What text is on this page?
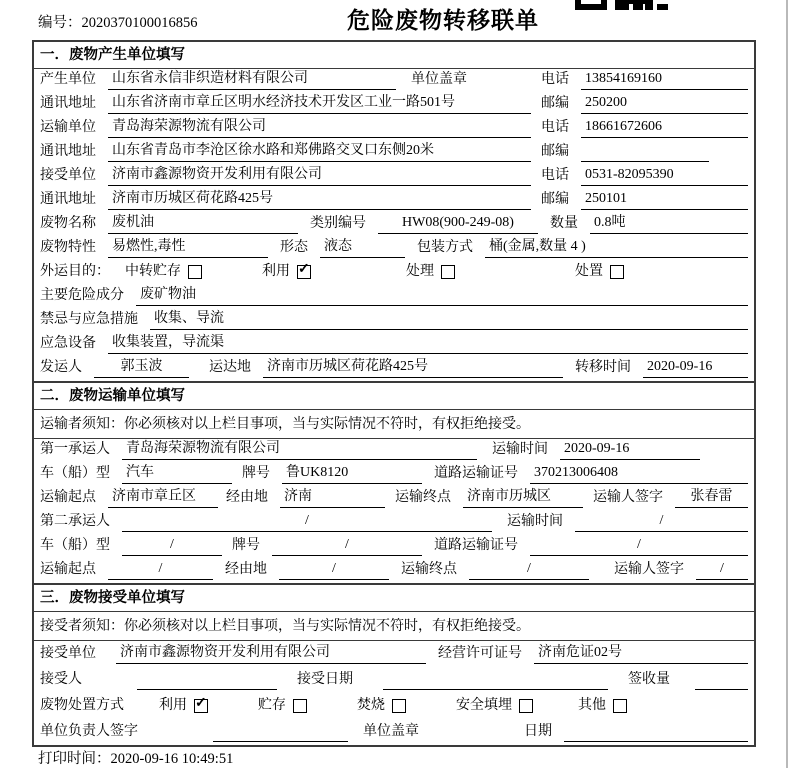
编号：2020370100016856	危险废物转移联单
一．废物产生单位填写
产生单位 山东省永信非织造材料有限公司	单位盖章	电话 13854169160
通讯地址 山东省济南市章丘区明水经济技术开发区工业一路501号	邮编 250200
运输单位 青岛海荣源物流有限公司	电话 18661672606
通讯地址 山东省青岛市李沧区徐水路和郑佛路交叉口东侧20米	邮编
接受单位 济南市鑫源物资开发利用有限公司	电话 0531-82095390
通讯地址 济南市历城区荷花路425号	邮编 250101
废物名称 废机油	类别编号	HW08(900-249-08)	数量 0.8吨
废物特性 易燃性,毒性	形态 液态	包装方式 桶(金属,数量 4 )
外运目的： 中转贮存	利用 ✓	处理	处置
主要危险成分 废矿物油
禁忌与应急措施 收集、导流
应急设备 收集装置，导流渠
发运人	郭玉波	运达地 济南市历城区荷花路425号	转移时间 2020-09-16
二．废物运输单位填写
运输者须知：你必须核对以上栏目事项，当与实际情况不符时，有权拒绝接受。
第一承运人 青岛海荣源物流有限公司	运输时间 2020-09-16
车（船）型 汽车	牌号 鲁UK8120	道路运输证号 370213006408
运输起点 济南市章丘区	经由地 济南	运输终点 济南市历城区	运输人签字	张春雷
第二承运人	/	运输时间	/
车（船）型	/	牌号	/	道路运输证号	/
运输起点	/	经由地	/	运输终点	/	运输人签字	/
三．废物接受单位填写
接受者须知：你必须核对以上栏目事项，当与实际情况不符时，有权拒绝接受。
接受单位 济南市鑫源物资开发利用有限公司	经营许可证号 济南危证02号
接受人	接受日期	签收量
废物处置方式	利用 ✓	贮存	焚烧	安全填埋	其他
单位负责人签字	单位盖章	日期
打印时间：2020-09-16 10:49:51
